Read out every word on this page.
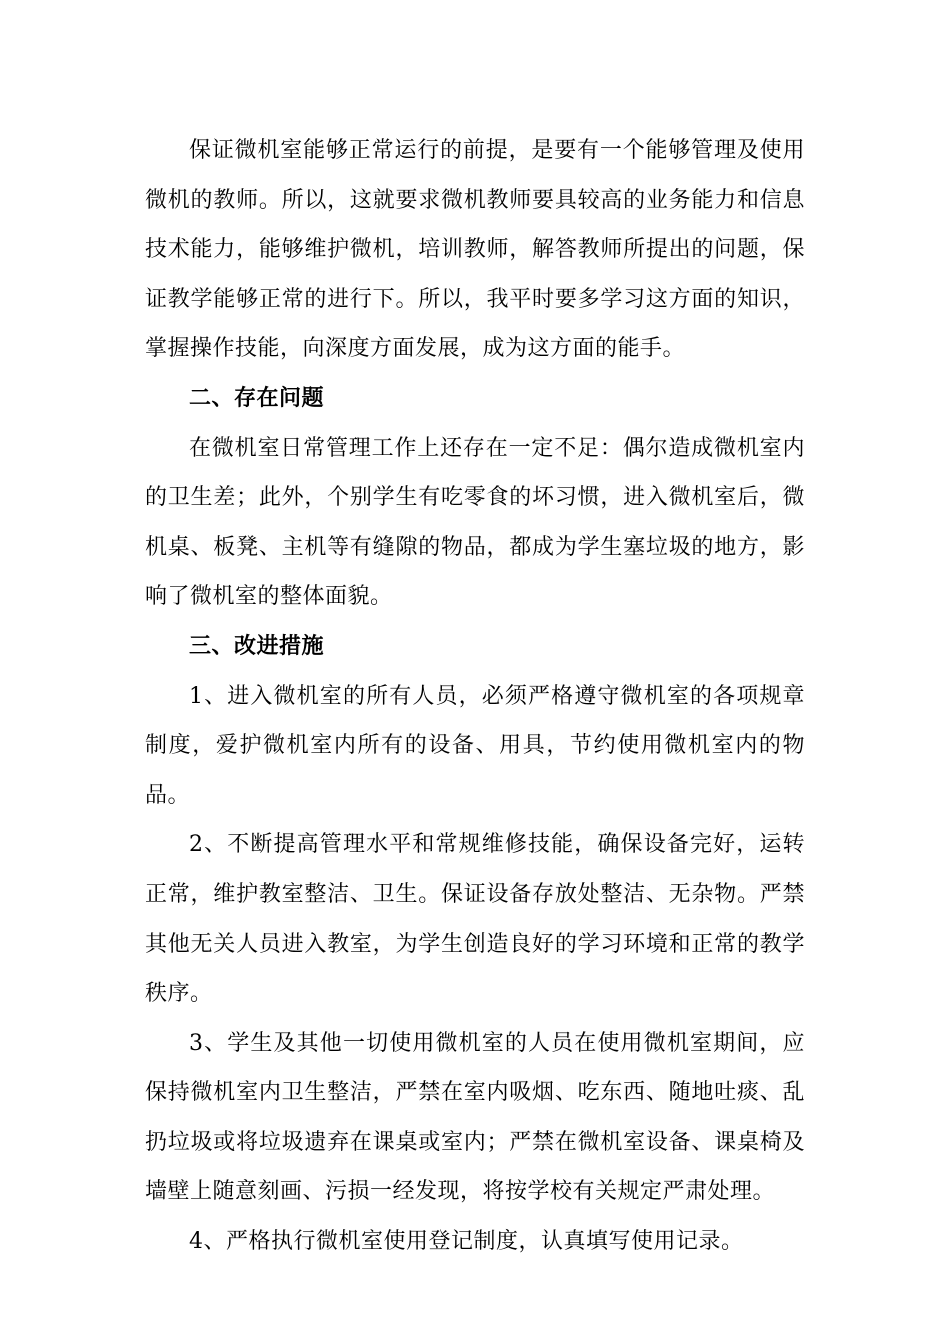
保证微机室能够正常运行的前提，是要有一个能够管理及使用微机的教师。所以，这就要求微机教师要具较高的业务能力和信息技术能力，能够维护微机，培训教师，解答教师所提出的问题，保证教学能够正常的进行下。所以，我平时要多学习这方面的知识，掌握操作技能，向深度方面发展，成为这方面的能手。

二、存在问题

在微机室日常管理工作上还存在一定不足：偶尔造成微机室内的卫生差；此外，个别学生有吃零食的坏习惯，进入微机室后，微机桌、板凳、主机等有缝隙的物品，都成为学生塞垃圾的地方，影响了微机室的整体面貌。

三、改进措施

1、进入微机室的所有人员，必须严格遵守微机室的各项规章制度，爱护微机室内所有的设备、用具，节约使用微机室内的物品。

2、不断提高管理水平和常规维修技能，确保设备完好，运转正常，维护教室整洁、卫生。保证设备存放处整洁、无杂物。严禁其他无关人员进入教室，为学生创造良好的学习环境和正常的教学秩序。

3、学生及其他一切使用微机室的人员在使用微机室期间，应保持微机室内卫生整洁，严禁在室内吸烟、吃东西、随地吐痰、乱扔垃圾或将垃圾遗弃在课桌或室内；严禁在微机室设备、课桌椅及墙壁上随意刻画、污损一经发现，将按学校有关规定严肃处理。

4、严格执行微机室使用登记制度，认真填写使用记录。
